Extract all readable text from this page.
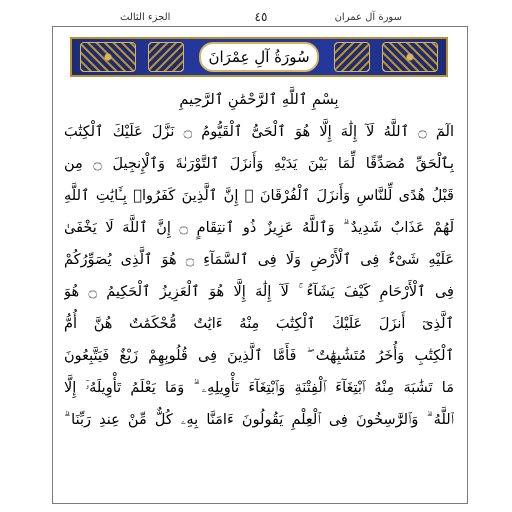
الجزء الثالث	٤٥	سورة آل عمران
سُورَةُ آلِ عِمْرَانَ
بِسْمِ ٱللَّهِ ٱلرَّحْمَٰنِ ٱلرَّحِيمِ
الٓمٓ ۝ ٱللَّهُ لَآ إِلَٰهَ إِلَّا هُوَ ٱلْحَىُّ ٱلْقَيُّومُ ۝ نَزَّلَ عَلَيْكَ ٱلْكِتَٰبَ
بِٱلْحَقِّ مُصَدِّقًا لِّمَا بَيْنَ يَدَيْهِ وَأَنزَلَ ٱلتَّوْرَىٰةَ وَٱلْإِنجِيلَ ۝ مِن
قَبْلُ هُدًى لِّلنَّاسِ وَأَنزَلَ ٱلْفُرْقَانَ ۗ إِنَّ ٱلَّذِينَ كَفَرُوا۟ بِـَٔايَٰتِ ٱللَّهِ
لَهُمْ عَذَابٌ شَدِيدٌ ۗ وَٱللَّهُ عَزِيزٌ ذُو ٱنتِقَامٍ ۝ إِنَّ ٱللَّهَ لَا يَخْفَىٰ
عَلَيْهِ شَىْءٌ فِى ٱلْأَرْضِ وَلَا فِى ٱلسَّمَآءِ ۝ هُوَ ٱلَّذِى يُصَوِّرُكُمْ
فِى ٱلْأَرْحَامِ كَيْفَ يَشَآءُ ۚ لَآ إِلَٰهَ إِلَّا هُوَ ٱلْعَزِيزُ ٱلْحَكِيمُ ۝ هُوَ
ٱلَّذِىٓ أَنزَلَ عَلَيْكَ ٱلْكِتَٰبَ مِنْهُ ءَايَٰتٌ مُّحْكَمَٰتٌ هُنَّ أُمُّ
ٱلْكِتَٰبِ وَأُخَرُ مُتَشَٰبِهَٰتٌ ۖ فَأَمَّا ٱلَّذِينَ فِى قُلُوبِهِمْ زَيْغٌ فَيَتَّبِعُونَ
مَا تَشَٰبَهَ مِنْهُ ٱبْتِغَآءَ ٱلْفِتْنَةِ وَٱبْتِغَآءَ تَأْوِيلِهِۦ ۗ وَمَا يَعْلَمُ تَأْوِيلَهُۥٓ إِلَّا
ٱللَّهُ ۗ وَٱلرَّٰسِخُونَ فِى ٱلْعِلْمِ يَقُولُونَ ءَامَنَّا بِهِۦ كُلٌّ مِّنْ عِندِ رَبِّنَا ۗ
